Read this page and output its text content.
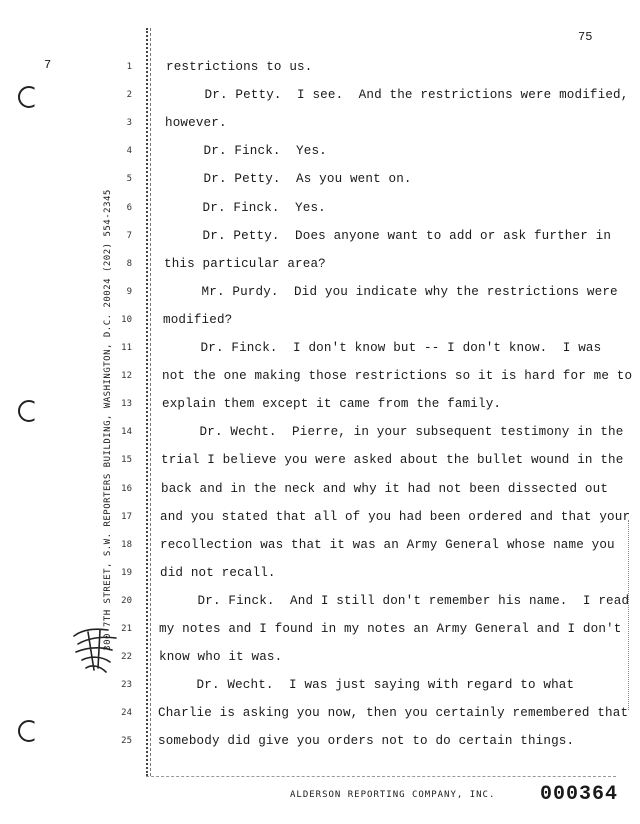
75
7
300 7TH STREET, S.W. REPORTERS BUILDING, WASHINGTON, D.C. 20024 (202) 554-2345
1	restrictions to us.
2	Dr. Petty.  I see.  And the restrictions were modified,
3	however.
4	Dr. Finck.  Yes.
5	Dr. Petty.  As you went on.
6	Dr. Finck.  Yes.
7	Dr. Petty.  Does anyone want to add or ask further in
8	this particular area?
9 Mr. Purdy.  Did you indicate why the restrictions were
10 modified?
11 Dr. Finck.  I don't know but -- I don't know.  I was
12 not the one making those restrictions so it is hard for me to
13 explain them except it came from the family.
14 Dr. Wecht.  Pierre, in your subsequent testimony in the
15 trial I believe you were asked about the bullet wound in the
16 back and in the neck and why it had not been dissected out
17 and you stated that all of you had been ordered and that your
18 recollection was that it was an Army General whose name you
19 did not recall.
20 Dr. Finck.  And I still don't remember his name.  I read
21 my notes and I found in my notes an Army General and I don't
22 know who it was.
23 Dr. Wecht.  I was just saying with regard to what
24 Charlie is asking you now, then you certainly remembered that
25 somebody did give you orders not to do certain things.
ALDERSON REPORTING COMPANY, INC. 000364
